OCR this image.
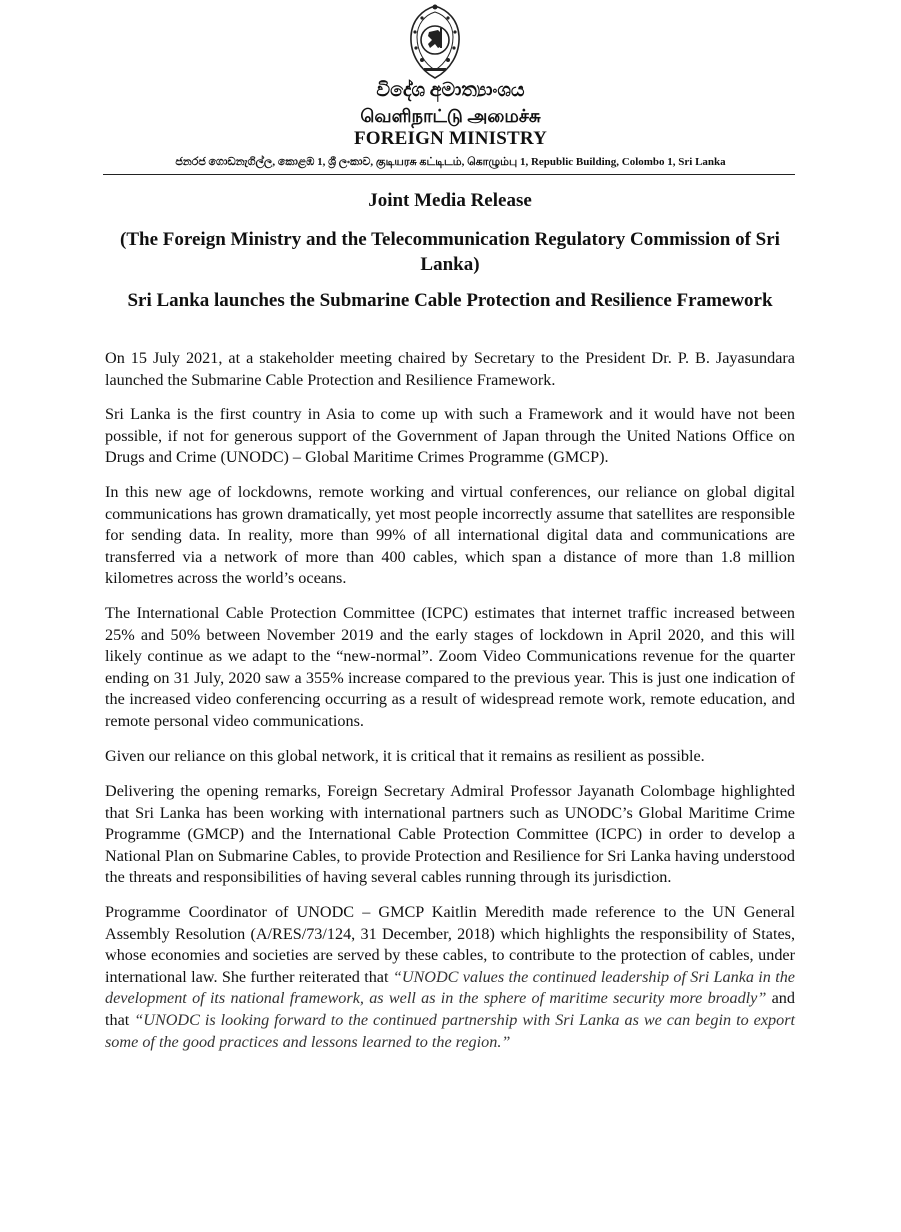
විදේශ අමාත්‍යාංශය
வெளிநாட்டு அமைச்சு
FOREIGN MINISTRY
ජනරජ ගොඩනැගිල්ල, කොළඹ 1, ශ්‍රී ලංකාව, குடியரசு கட்டிடம், கொழும்பு 1, Republic Building, Colombo 1, Sri Lanka
Joint Media Release
(The Foreign Ministry and the Telecommunication Regulatory Commission of Sri Lanka)
Sri Lanka launches the Submarine Cable Protection and Resilience Framework

On 15 July 2021, at a stakeholder meeting chaired by Secretary to the President Dr. P. B. Jayasundara launched the Submarine Cable Protection and Resilience Framework.

Sri Lanka is the first country in Asia to come up with such a Framework and it would have not been possible, if not for generous support of the Government of Japan through the United Nations Office on Drugs and Crime (UNODC) – Global Maritime Crimes Programme (GMCP).

In this new age of lockdowns, remote working and virtual conferences, our reliance on global digital communications has grown dramatically, yet most people incorrectly assume that satellites are responsible for sending data. In reality, more than 99% of all international digital data and communications are transferred via a network of more than 400 cables, which span a distance of more than 1.8 million kilometres across the world’s oceans.

The International Cable Protection Committee (ICPC) estimates that internet traffic increased between 25% and 50% between November 2019 and the early stages of lockdown in April 2020, and this will likely continue as we adapt to the “new-normal”. Zoom Video Communications revenue for the quarter ending on 31 July, 2020 saw a 355% increase compared to the previous year. This is just one indication of the increased video conferencing occurring as a result of widespread remote work, remote education, and remote personal video communications.

Given our reliance on this global network, it is critical that it remains as resilient as possible.

Delivering the opening remarks, Foreign Secretary Admiral Professor Jayanath Colombage highlighted that Sri Lanka has been working with international partners such as UNODC’s Global Maritime Crime Programme (GMCP) and the International Cable Protection Committee (ICPC) in order to develop a National Plan on Submarine Cables, to provide Protection and Resilience for Sri Lanka having understood the threats and responsibilities of having several cables running through its jurisdiction.

Programme Coordinator of UNODC – GMCP Kaitlin Meredith made reference to the UN General Assembly Resolution (A/RES/73/124, 31 December, 2018) which highlights the responsibility of States, whose economies and societies are served by these cables, to contribute to the protection of cables, under international law. She further reiterated that “UNODC values the continued leadership of Sri Lanka in the development of its national framework, as well as in the sphere of maritime security more broadly” and that “UNODC is looking forward to the continued partnership with Sri Lanka as we can begin to export some of the good practices and lessons learned to the region.”
